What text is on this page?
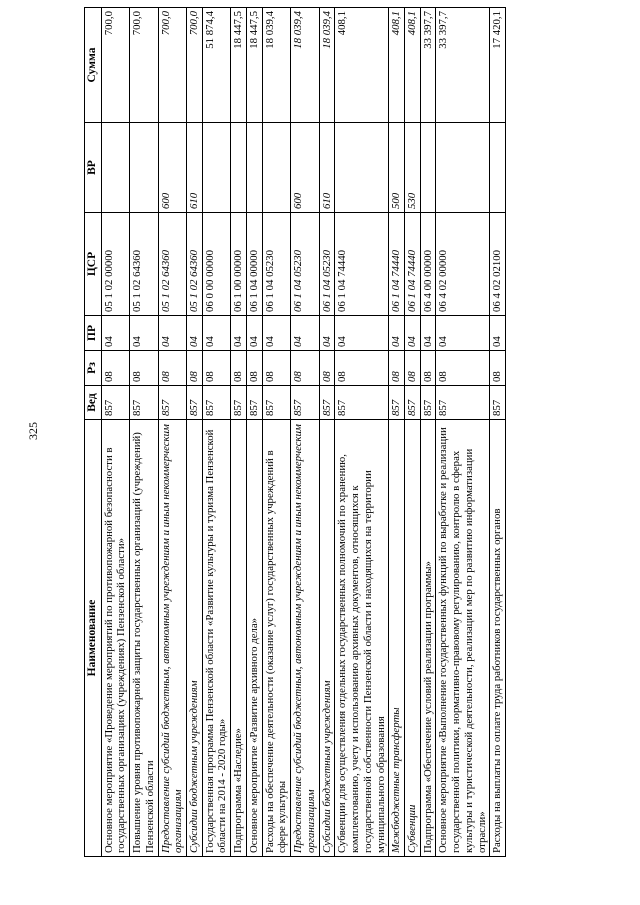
325
Наименование	Вед	Рз	ПР	ЦСР	ВР	Сумма
Основное мероприятие «Проведение мероприятий по противопожарной безопасности в государственных организациях (учреждениях) Пензенской области»	857	08	04	05 1 02 00000		700,0
Повышение уровня противопожарной защиты государственных организаций (учреждений) Пензенской области	857	08	04	05 1 02 64360		700,0
Предоставление субсидий бюджетным, автономным учреждениям и иным некоммерческим организациям	857	08	04	05 1 02 64360	600	700,0
Субсидии бюджетным учреждениям	857	08	04	05 1 02 64360	610	700,0
Государственная программа Пензенской области «Развитие культуры и туризма Пензенской области на 2014 - 2020 годы»	857	08	04	06 0 00 00000		51 874,4
Подпрограмма «Наследие»	857	08	04	06 1 00 00000		18 447,5
Основное мероприятие «Развитие архивного дела»	857	08	04	06 1 04 00000		18 447,5
Расходы на обеспечение деятельности (оказание услуг) государственных учреждений в сфере культуры	857	08	04	06 1 04 05230		18 039,4
Предоставление субсидий бюджетным, автономным учреждениям и иным некоммерческим организациям	857	08	04	06 1 04 05230	600	18 039,4
Субсидии бюджетным учреждениям	857	08	04	06 1 04 05230	610	18 039,4
Субвенции для осуществления отдельных государственных полномочий по хранению, комплектованию, учету и использованию архивных документов, относящихся к государственной собственности Пензенской области и находящихся на территории муниципального образования	857	08	04	06 1 04 74440		408,1
Межбюджетные трансферты	857	08	04	06 1 04 74440	500	408,1
Субвенции	857	08	04	06 1 04 74440	530	408,1
Подпрограмма «Обеспечение условий реализации программы»	857	08	04	06 4 00 00000		33 397,7
Основное мероприятие «Выполнение государственных функций по выработке и реализации государственной политики, нормативно-правовому регулированию, контролю в сферах культуры и туристической деятельности, реализации мер по развитию информатизации отрасли»	857	08	04	06 4 02 00000		33 397,7
Расходы на выплаты по оплате труда работников государственных органов	857	08	04	06 4 02 02100		17 420,1
